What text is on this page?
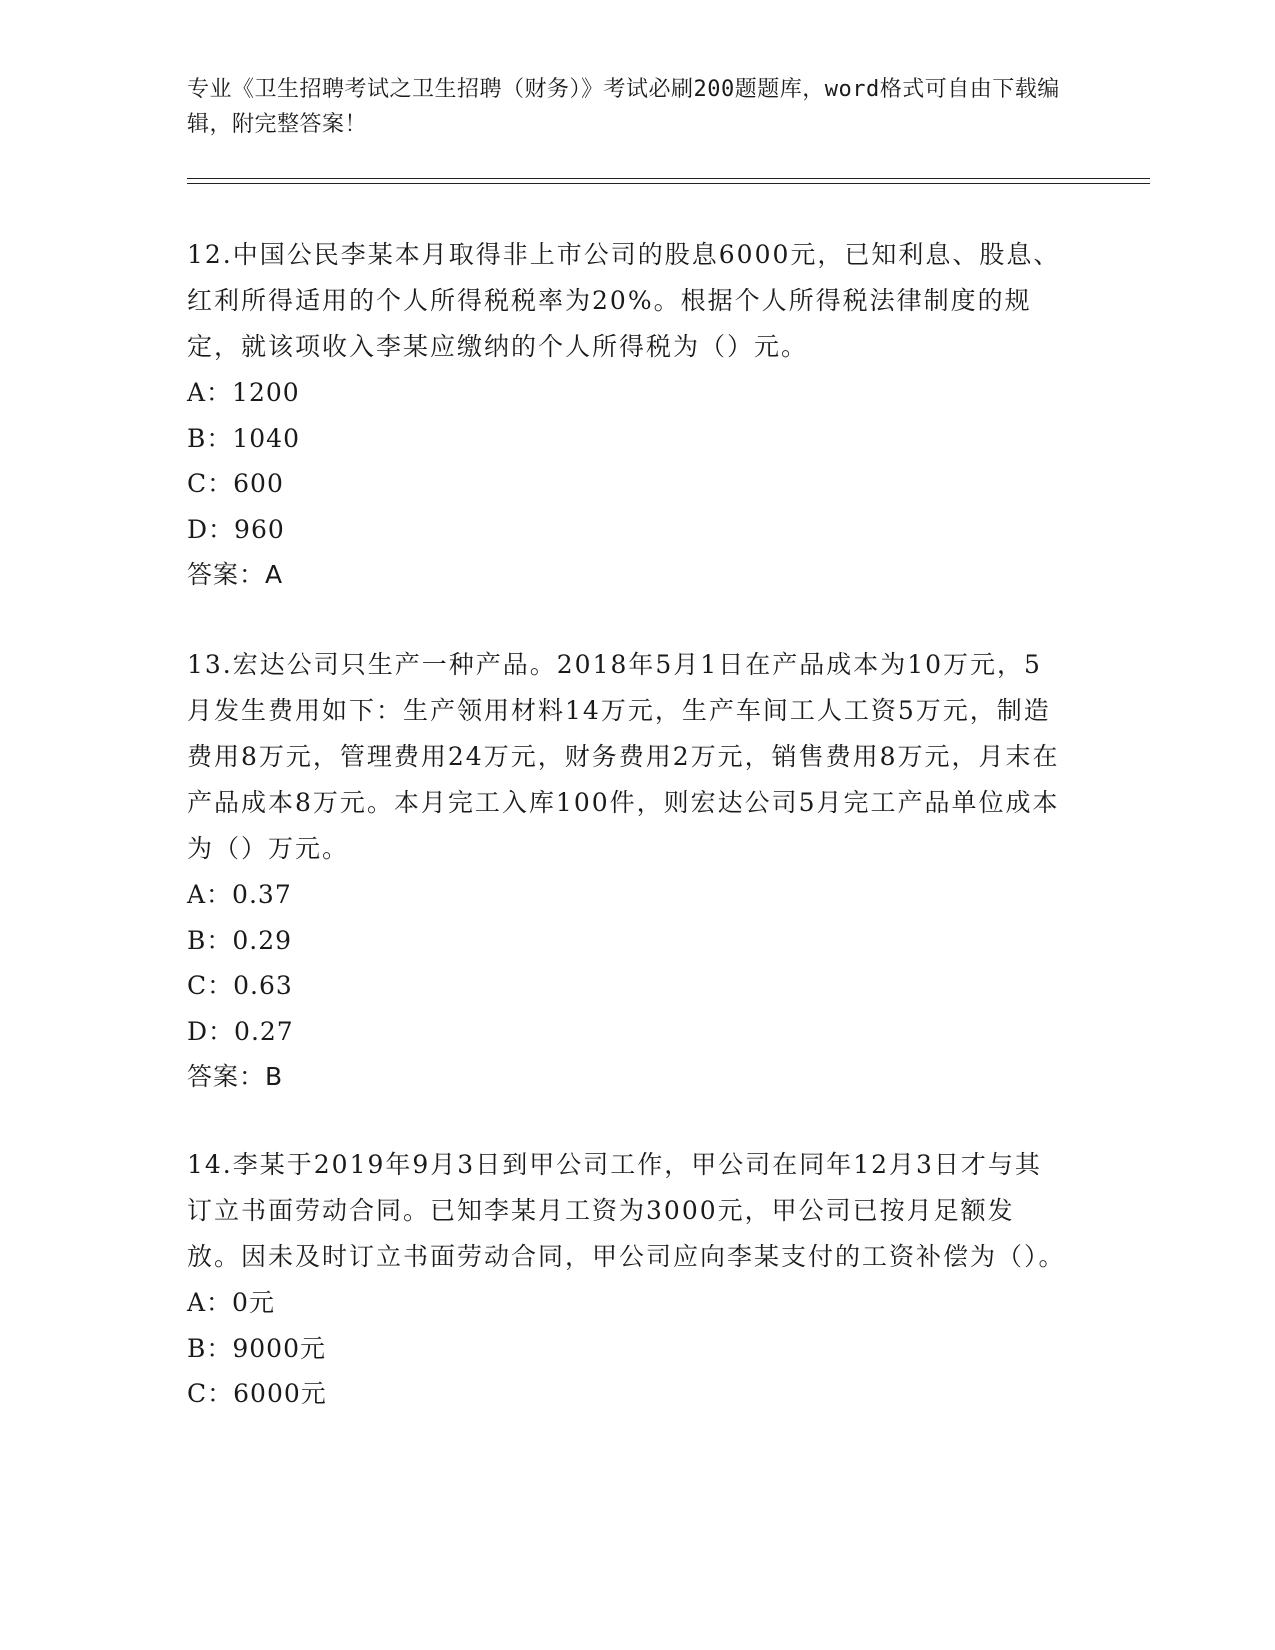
专业《卫生招聘考试之卫生招聘（财务）》考试必刷200题题库，word格式可自由下载编辑，附完整答案！

12.中国公民李某本月取得非上市公司的股息6000元，已知利息、股息、红利所得适用的个人所得税税率为20%。根据个人所得税法律制度的规定，就该项收入李某应缴纳的个人所得税为（）元。

A：1200

B：1040

C：600

D：960

答案：A

13.宏达公司只生产一种产品。2018年5月1日在产品成本为10万元，5月发生费用如下：生产领用材料14万元，生产车间工人工资5万元，制造费用8万元，管理费用24万元，财务费用2万元，销售费用8万元，月末在产品成本8万元。本月完工入库100件，则宏达公司5月完工产品单位成本为（）万元。

A：0.37

B：0.29

C：0.63

D：0.27

答案：B

14.李某于2019年9月3日到甲公司工作，甲公司在同年12月3日才与其订立书面劳动合同。已知李某月工资为3000元，甲公司已按月足额发放。因未及时订立书面劳动合同，甲公司应向李某支付的工资补偿为（）。

A：0元

B：9000元

C：6000元
